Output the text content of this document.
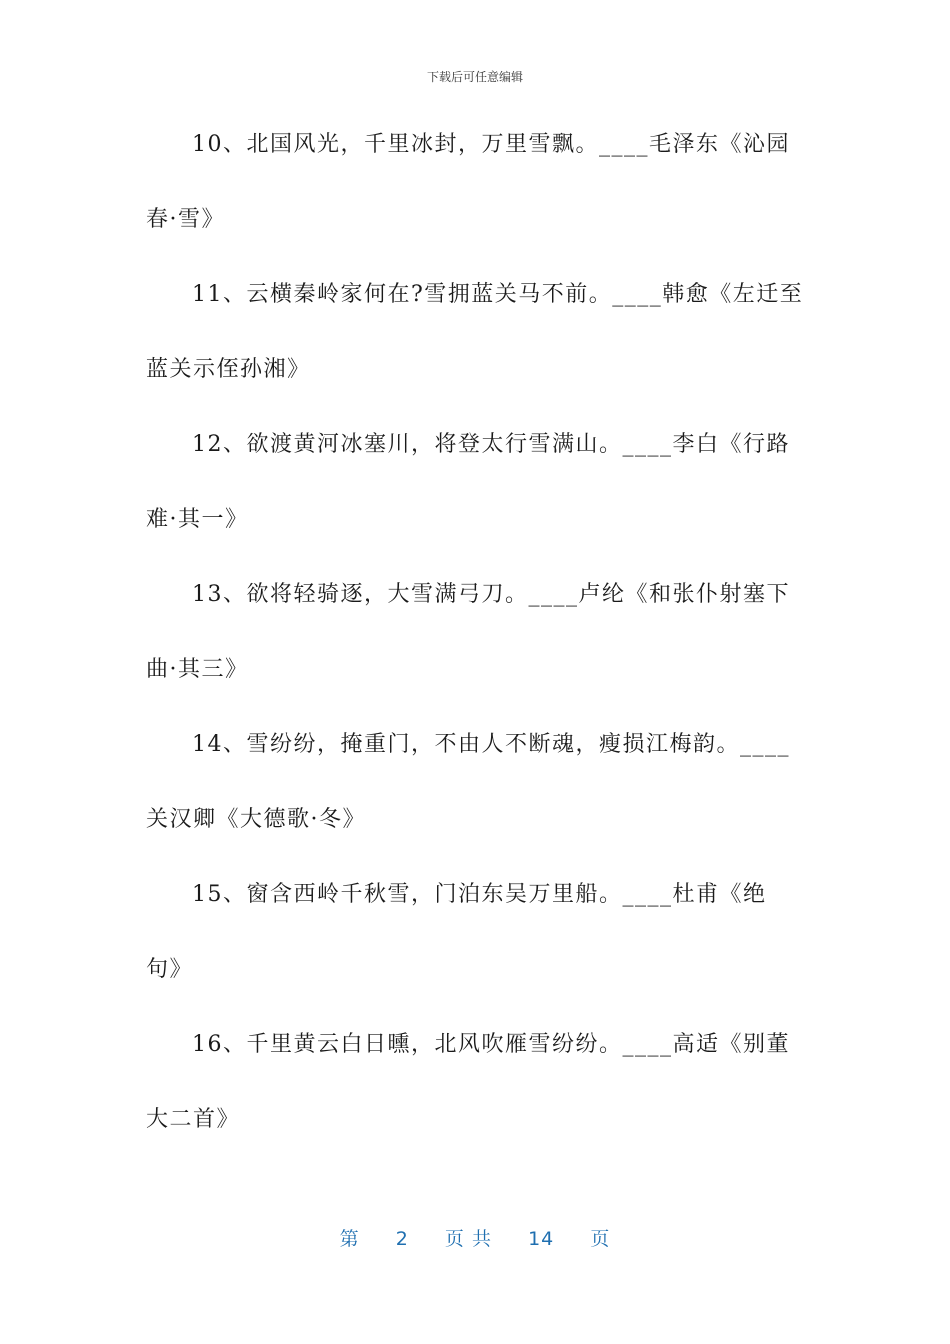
下载后可任意编辑
10、北国风光，千里冰封，万里雪飘。____毛泽东《沁园
春·雪》
11、云横秦岭家何在?雪拥蓝关马不前。____韩愈《左迁至
蓝关示侄孙湘》
12、欲渡黄河冰塞川，将登太行雪满山。____李白《行路
难·其一》
13、欲将轻骑逐，大雪满弓刀。____卢纶《和张仆射塞下
曲·其三》
14、雪纷纷，掩重门，不由人不断魂，瘦损江梅韵。____
关汉卿《大德歌·冬》
15、窗含西岭千秋雪，门泊东吴万里船。____杜甫《绝
句》
16、千里黄云白日曛，北风吹雁雪纷纷。____高适《别董
大二首》
第 2 页 共 14 页
